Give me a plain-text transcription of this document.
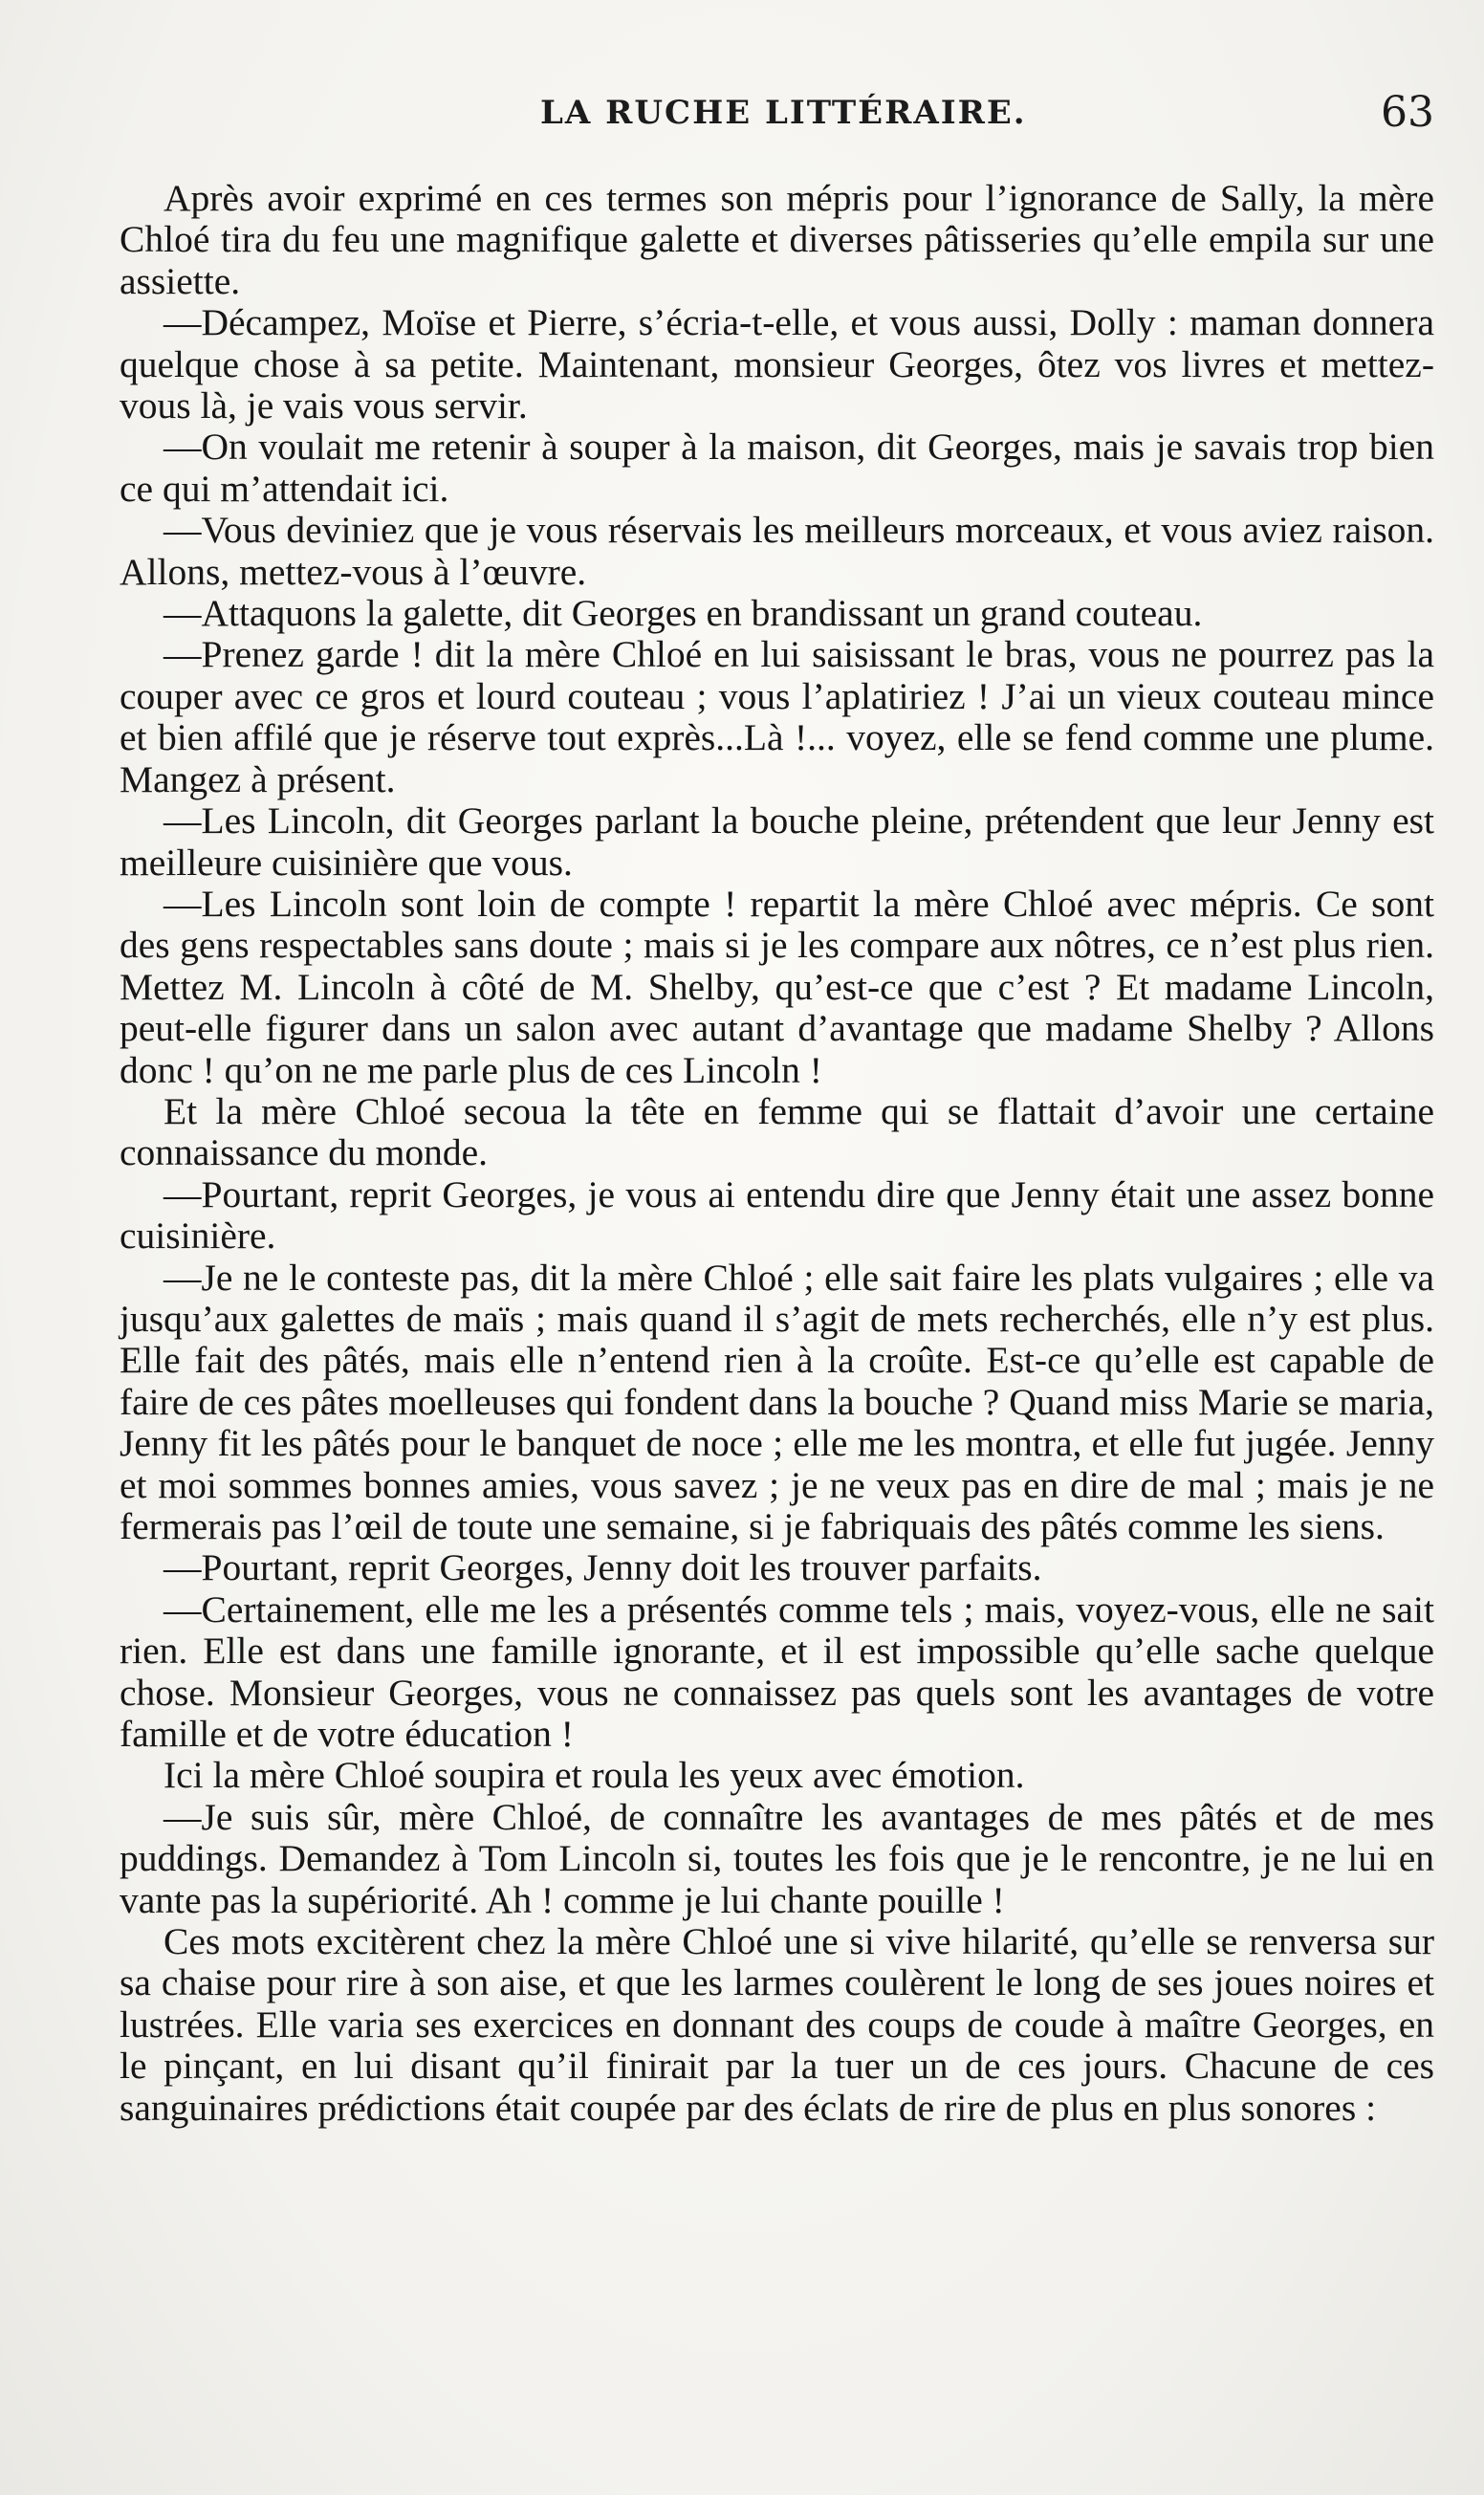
LA RUCHE LITTÉRAIRE.	63

Après avoir exprimé en ces termes son mépris pour l’ignorance de Sally, la mère Chloé tira du feu une magnifique galette et diverses pâtisseries qu’elle empila sur une assiette.

—Décampez, Moïse et Pierre, s’écria-t-elle, et vous aussi, Dolly : maman donnera quelque chose à sa petite. Maintenant, monsieur Georges, ôtez vos livres et mettez-vous là, je vais vous servir.

—On voulait me retenir à souper à la maison, dit Georges, mais je savais trop bien ce qui m’attendait ici.

—Vous deviniez que je vous réservais les meilleurs morceaux, et vous aviez raison. Allons, mettez-vous à l’œuvre.

—Attaquons la galette, dit Georges en brandissant un grand couteau.

—Prenez garde ! dit la mère Chloé en lui saisissant le bras, vous ne pourrez pas la couper avec ce gros et lourd couteau ; vous l’aplatiriez ! J’ai un vieux couteau mince et bien affilé que je réserve tout exprès...Là !... voyez, elle se fend comme une plume. Mangez à présent.

—Les Lincoln, dit Georges parlant la bouche pleine, prétendent que leur Jenny est meilleure cuisinière que vous.

—Les Lincoln sont loin de compte ! repartit la mère Chloé avec mépris. Ce sont des gens respectables sans doute ; mais si je les compare aux nôtres, ce n’est plus rien. Mettez M. Lincoln à côté de M. Shelby, qu’est-ce que c’est ? Et madame Lincoln, peut-elle figurer dans un salon avec autant d’avantage que madame Shelby ? Allons donc ! qu’on ne me parle plus de ces Lincoln !

Et la mère Chloé secoua la tête en femme qui se flattait d’avoir une certaine connaissance du monde.

—Pourtant, reprit Georges, je vous ai entendu dire que Jenny était une assez bonne cuisinière.

—Je ne le conteste pas, dit la mère Chloé ; elle sait faire les plats vulgaires ; elle va jusqu’aux galettes de maïs ; mais quand il s’agit de mets recherchés, elle n’y est plus. Elle fait des pâtés, mais elle n’entend rien à la croûte. Est-ce qu’elle est capable de faire de ces pâtes moelleuses qui fondent dans la bouche ? Quand miss Marie se maria, Jenny fit les pâtés pour le banquet de noce ; elle me les montra, et elle fut jugée. Jenny et moi sommes bonnes amies, vous savez ; je ne veux pas en dire de mal ; mais je ne fermerais pas l’œil de toute une semaine, si je fabriquais des pâtés comme les siens.

—Pourtant, reprit Georges, Jenny doit les trouver parfaits.

—Certainement, elle me les a présentés comme tels ; mais, voyez-vous, elle ne sait rien. Elle est dans une famille ignorante, et il est impossible qu’elle sache quelque chose. Monsieur Georges, vous ne connaissez pas quels sont les avantages de votre famille et de votre éducation !

Ici la mère Chloé soupira et roula les yeux avec émotion.

—Je suis sûr, mère Chloé, de connaître les avantages de mes pâtés et de mes puddings. Demandez à Tom Lincoln si, toutes les fois que je le rencontre, je ne lui en vante pas la supériorité. Ah ! comme je lui chante pouille !

Ces mots excitèrent chez la mère Chloé une si vive hilarité, qu’elle se renversa sur sa chaise pour rire à son aise, et que les larmes coulèrent le long de ses joues noires et lustrées. Elle varia ses exercices en donnant des coups de coude à maître Georges, en le pinçant, en lui disant qu’il finirait par la tuer un de ces jours. Chacune de ces sanguinaires prédictions était coupée par des éclats de rire de plus en plus sonores :
